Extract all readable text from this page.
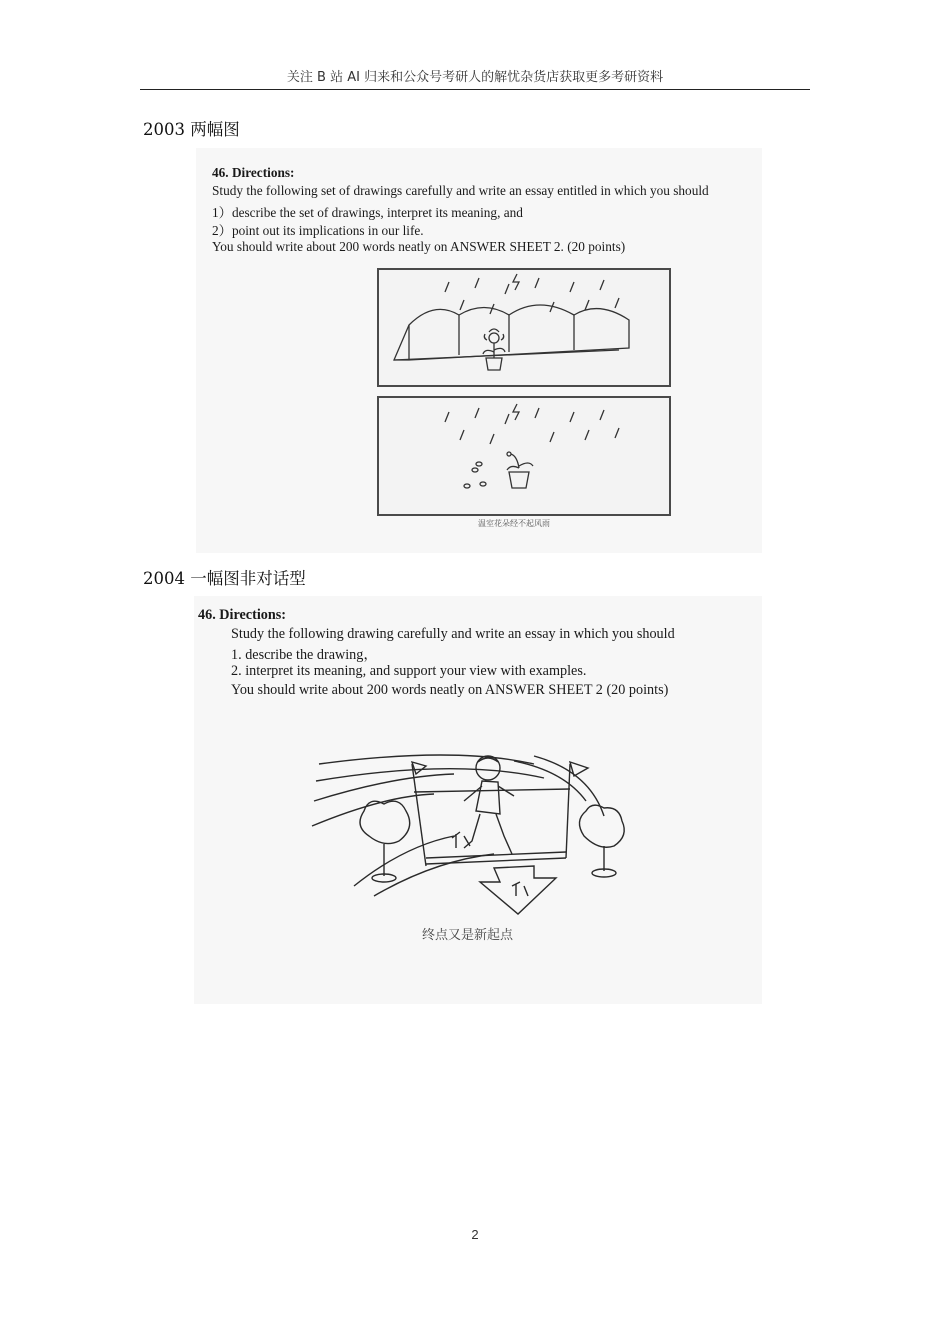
关注 B 站 AI 归来和公众号考研人的解忧杂货店获取更多考研资料
2003 两幅图
46. Directions:
Study the following set of drawings carefully and write an essay entitled in which you should
1）describe the set of drawings, interpret its meaning, and
2）point out its implications in our life.
You should write about 200 words neatly on ANSWER SHEET 2. (20 points)
温室花朵经不起风雨
2004 一幅图非对话型
46. Directions:
Study the following drawing carefully and write an essay in which you should
1. describe the drawing，
2. interpret its meaning, and support your view with examples.
You should write about 200 words neatly on ANSWER SHEET 2 (20 points)
终点又是新起点
2
